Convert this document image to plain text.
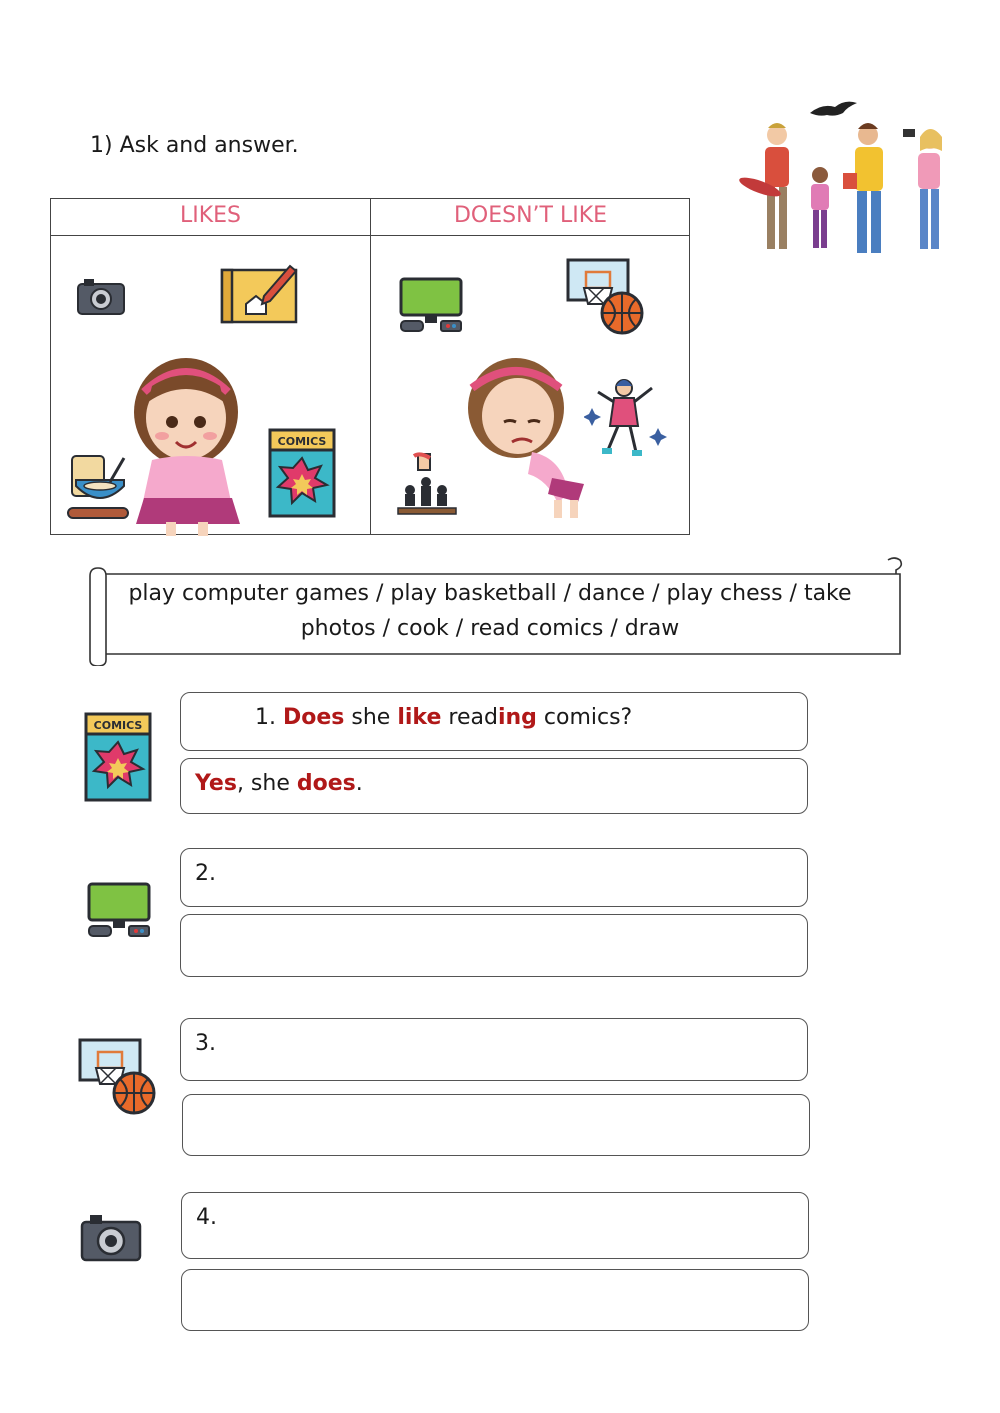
1) Ask and answer.
LIKES	DOESN’T LIKE
COMICS
play computer games / play basketball / dance / play chess / take
photos / cook / read comics / draw
COMICS	1. Does she like reading comics?
Yes, she does.
2.
3.
4.
